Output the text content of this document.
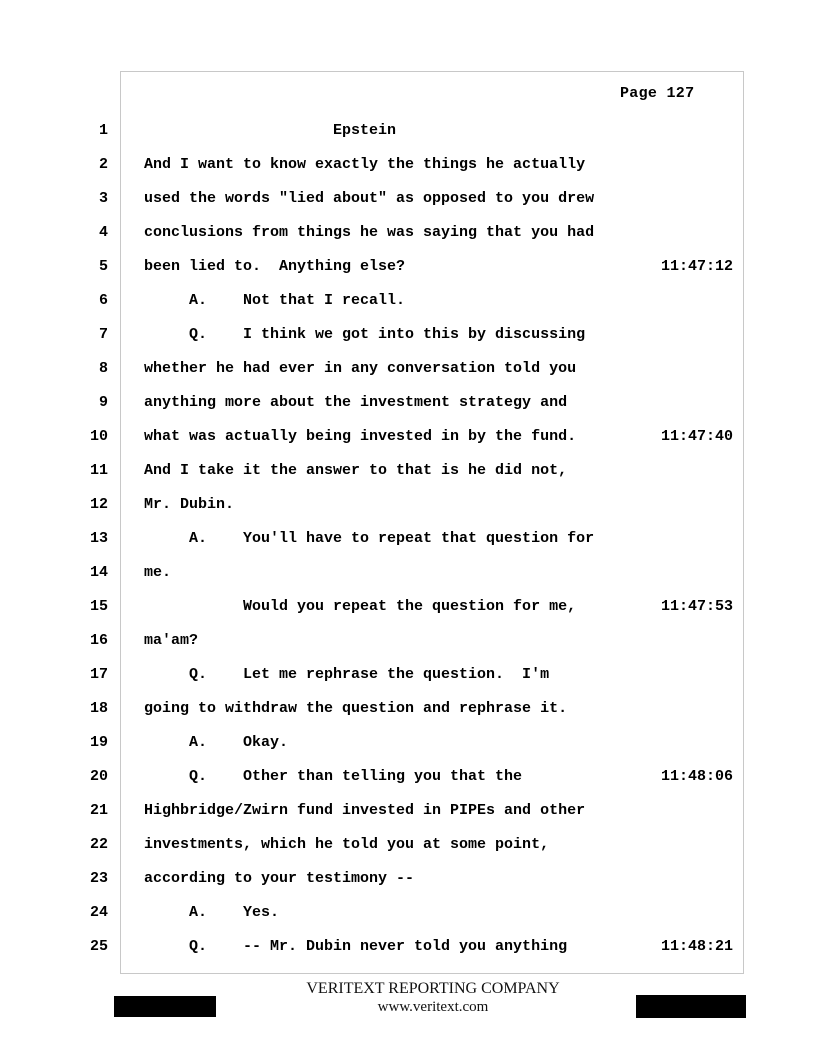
Page 127
1 Epstein
2 And I want to know exactly the things he actually
3 used the words "lied about" as opposed to you drew
4 conclusions from things he was saying that you had
5 been lied to.  Anything else?	11:47:12
6 A.    Not that I recall.
7 Q.    I think we got into this by discussing
8 whether he had ever in any conversation told you
9 anything more about the investment strategy and
10 what was actually being invested in by the fund.	11:47:40
11 And I take it the answer to that is he did not,
12 Mr. Dubin.
13 A.    You'll have to repeat that question for
14 me.
15 Would you repeat the question for me,	11:47:53
16 ma'am?
17 Q.    Let me rephrase the question.  I'm
18 going to withdraw the question and rephrase it.
19 A.    Okay.
20 Q.    Other than telling you that the	11:48:06
21 Highbridge/Zwirn fund invested in PIPEs and other
22 investments, which he told you at some point,
23 according to your testimony --
24 A.    Yes.
25 Q.    -- Mr. Dubin never told you anything	11:48:21
VERITEXT REPORTING COMPANY
www.veritext.com
